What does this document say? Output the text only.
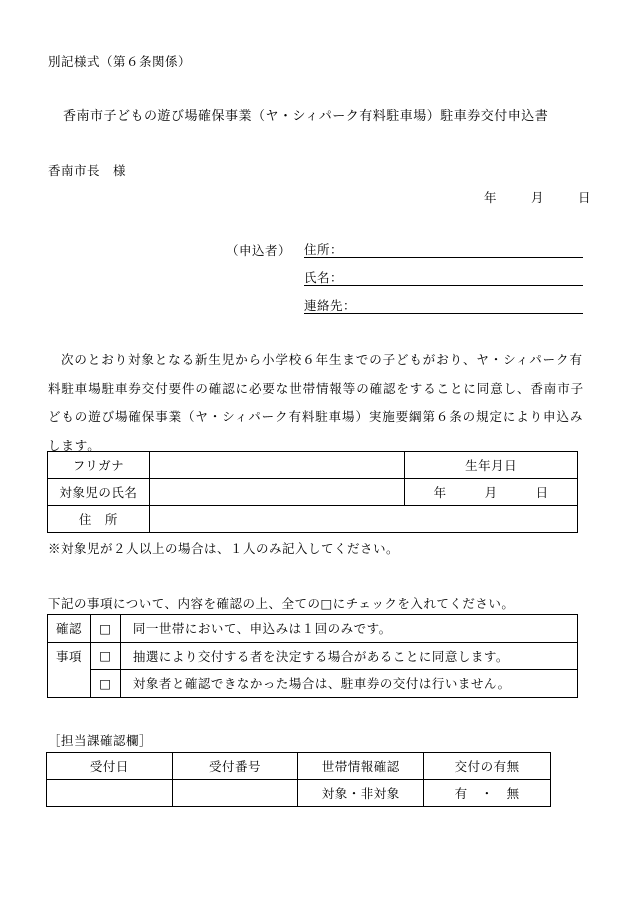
別記様式（第６条関係）
香南市子どもの遊び場確保事業（ヤ・シィパーク有料駐車場）駐車券交付申込書
香南市長　様
年	月	日
（申込者） 住所：
氏名：
連絡先：
次のとおり対象となる新生児から小学校６年生までの子どもがおり、ヤ・シィパーク有料駐車場駐車券交付要件の確認に必要な世帯情報等の確認をすることに同意し、香南市子どもの遊び場確保事業（ヤ・シィパーク有料駐車場）実施要綱第６条の規定により申込みします。
フリガナ		生年月日
対象児の氏名		年 月 日
住　所		
※対象児が２人以上の場合は、１人のみ記入してください。
下記の事項について、内容を確認の上、全ての□にチェックを入れてください。
確認	□	同一世帯において、申込みは１回のみです。
事項	□	抽選により交付する者を決定する場合があることに同意します。
	□	対象者と確認できなかった場合は、駐車券の交付は行いません。
［担当課確認欄］
受付日	受付番号	世帯情報確認	交付の有無
		対象・非対象	有　・　無
